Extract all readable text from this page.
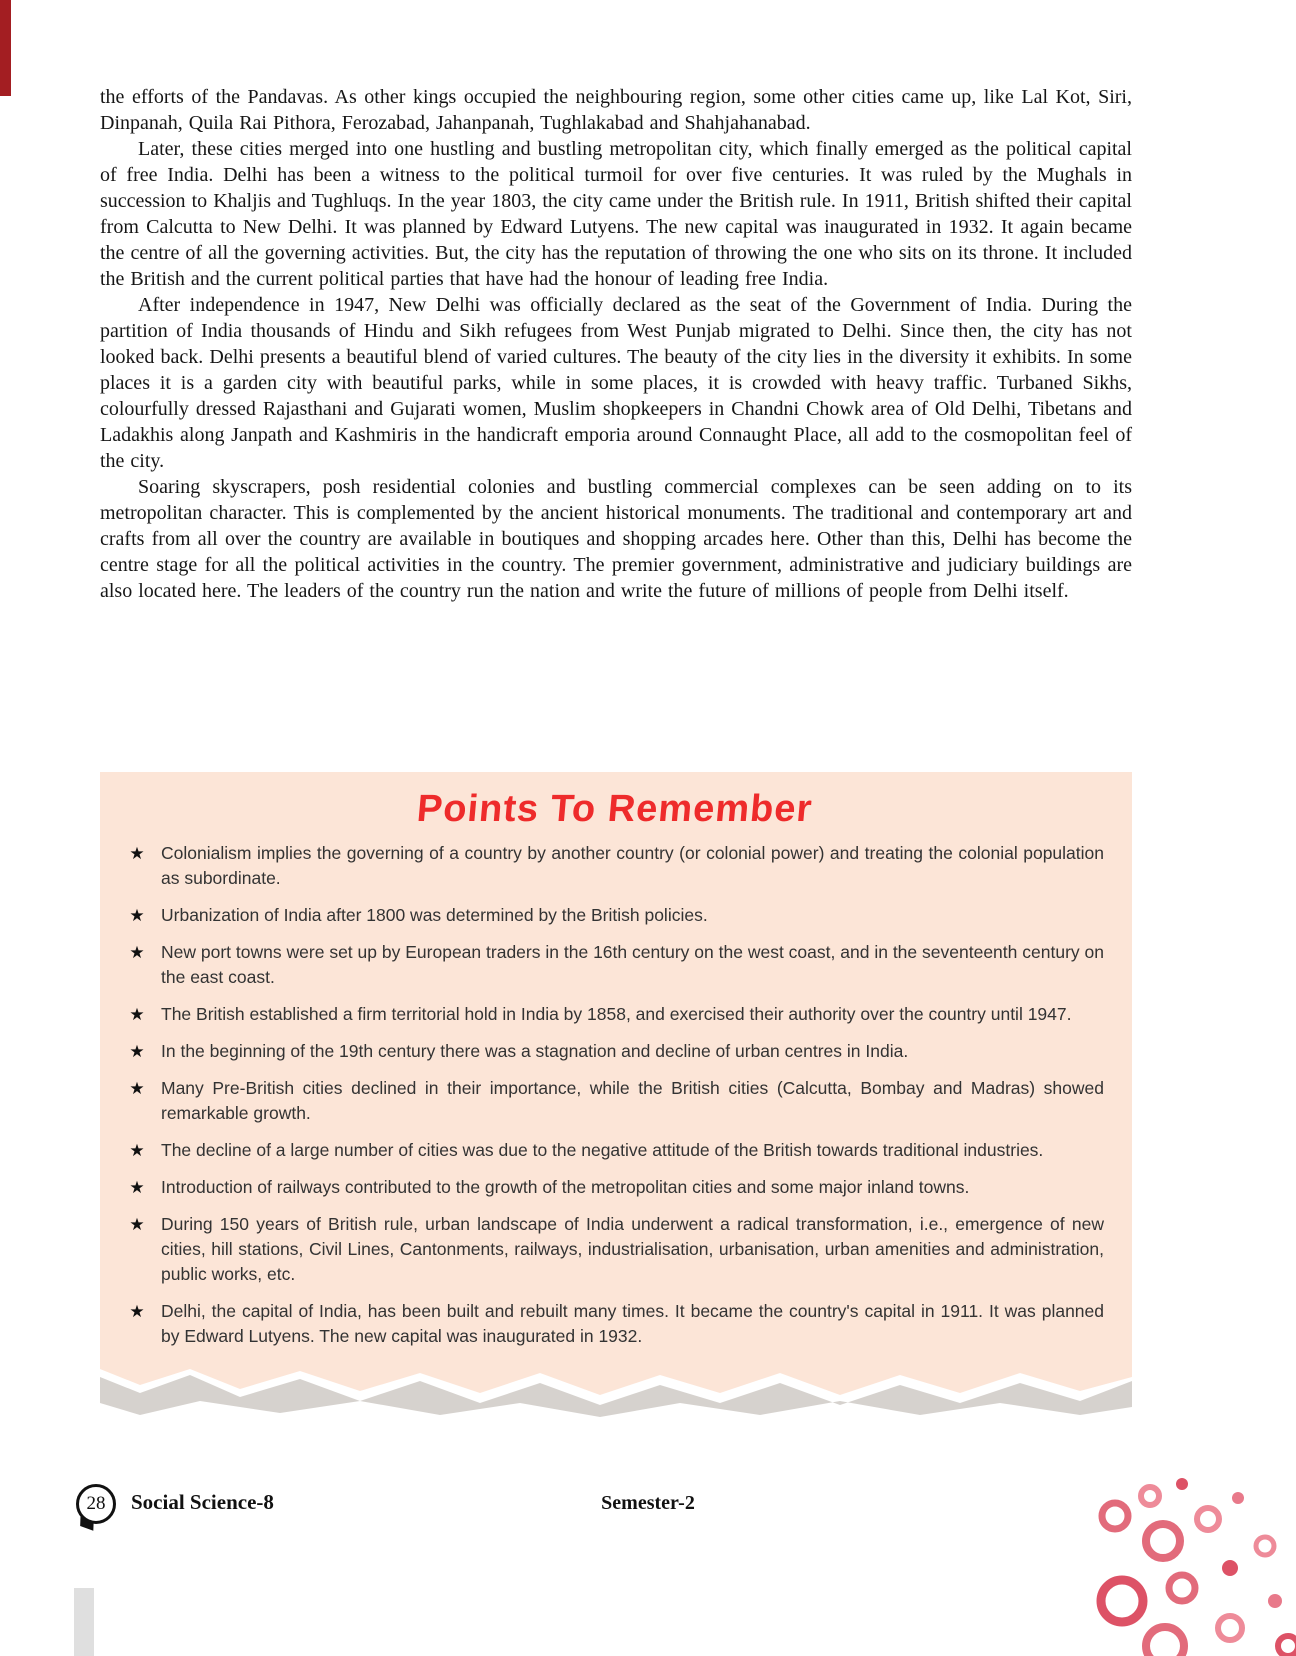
the efforts of the Pandavas. As other kings occupied the neighbouring region, some other cities came up, like Lal Kot, Siri, Dinpanah, Quila Rai Pithora, Ferozabad, Jahanpanah, Tughlakabad and Shahjahanabad.

Later, these cities merged into one hustling and bustling metropolitan city, which finally emerged as the political capital of free India. Delhi has been a witness to the political turmoil for over five centuries. It was ruled by the Mughals in succession to Khaljis and Tughluqs. In the year 1803, the city came under the British rule. In 1911, British shifted their capital from Calcutta to New Delhi. It was planned by Edward Lutyens. The new capital was inaugurated in 1932. It again became the centre of all the governing activities. But, the city has the reputation of throwing the one who sits on its throne. It included the British and the current political parties that have had the honour of leading free India.

After independence in 1947, New Delhi was officially declared as the seat of the Government of India. During the partition of India thousands of Hindu and Sikh refugees from West Punjab migrated to Delhi. Since then, the city has not looked back. Delhi presents a beautiful blend of varied cultures. The beauty of the city lies in the diversity it exhibits. In some places it is a garden city with beautiful parks, while in some places, it is crowded with heavy traffic. Turbaned Sikhs, colourfully dressed Rajasthani and Gujarati women, Muslim shopkeepers in Chandni Chowk area of Old Delhi, Tibetans and Ladakhis along Janpath and Kashmiris in the handicraft emporia around Connaught Place, all add to the cosmopolitan feel of the city.

Soaring skyscrapers, posh residential colonies and bustling commercial complexes can be seen adding on to its metropolitan character. This is complemented by the ancient historical monuments. The traditional and contemporary art and crafts from all over the country are available in boutiques and shopping arcades here. Other than this, Delhi has become the centre stage for all the political activities in the country. The premier government, administrative and judiciary buildings are also located here. The leaders of the country run the nation and write the future of millions of people from Delhi itself.

Points To Remember
★ Colonialism implies the governing of a country by another country (or colonial power) and treating the colonial population as subordinate.
★ Urbanization of India after 1800 was determined by the British policies.
★ New port towns were set up by European traders in the 16th century on the west coast, and in the seventeenth century on the east coast.
★ The British established a firm territorial hold in India by 1858, and exercised their authority over the country until 1947.
★ In the beginning of the 19th century there was a stagnation and decline of urban centres in India.
★ Many Pre-British cities declined in their importance, while the British cities (Calcutta, Bombay and Madras) showed remarkable growth.
★ The decline of a large number of cities was due to the negative attitude of the British towards traditional industries.
★ Introduction of railways contributed to the growth of the metropolitan cities and some major inland towns.
★ During 150 years of British rule, urban landscape of India underwent a radical transformation, i.e., emergence of new cities, hill stations, Civil Lines, Cantonments, railways, industrialisation, urbanisation, urban amenities and administration, public works, etc.
★ Delhi, the capital of India, has been built and rebuilt many times. It became the country's capital in 1911. It was planned by Edward Lutyens. The new capital was inaugurated in 1932.
28 Social Science-8	Semester-2
